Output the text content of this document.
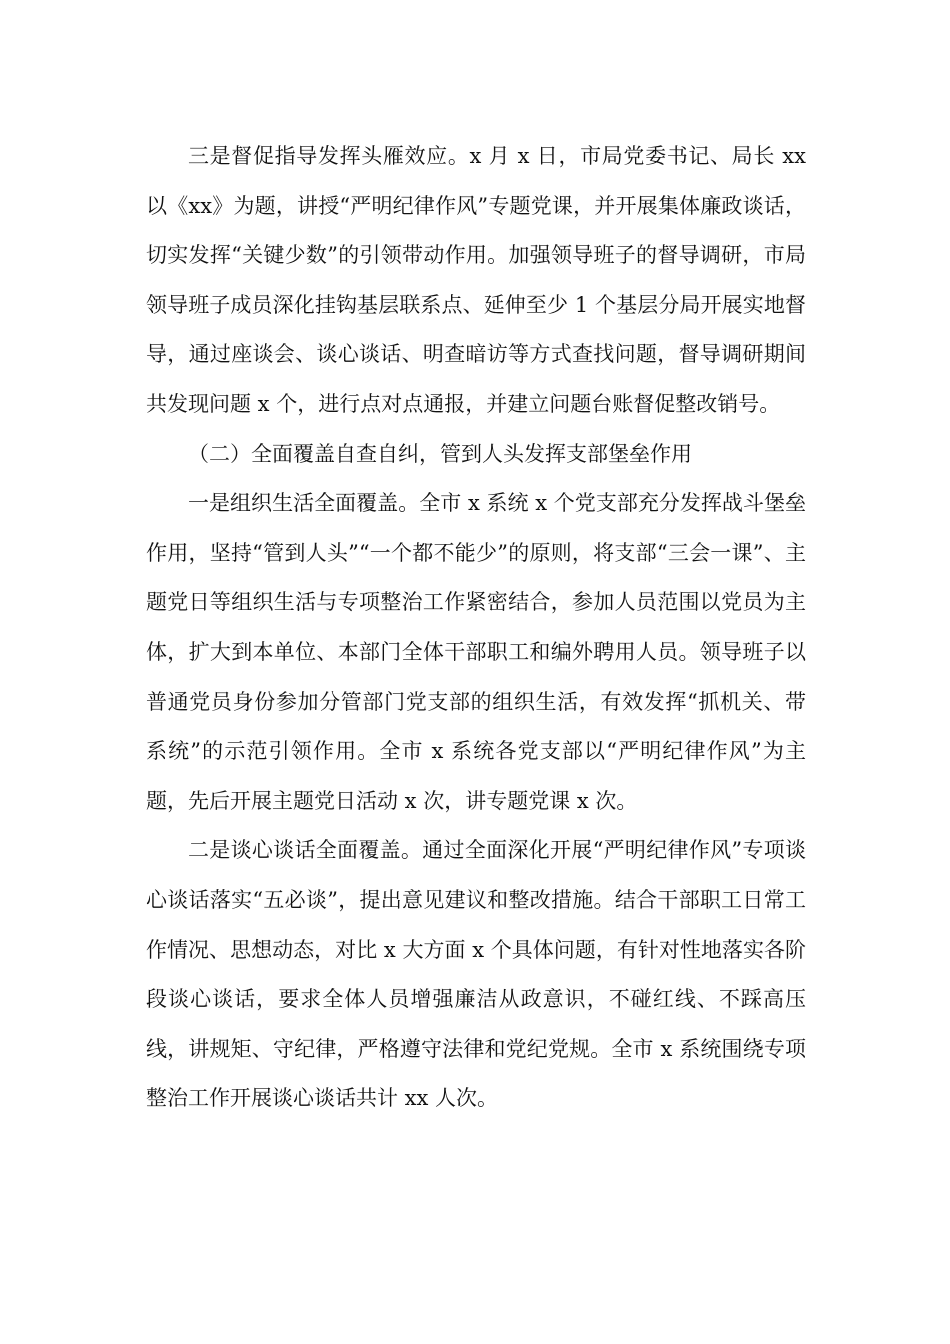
三是督促指导发挥头雁效应。x 月 x 日，市局党委书记、局长 xx 以《xx》为题，讲授“严明纪律作风”专题党课，并开展集体廉政谈话，切实发挥“关键少数”的引领带动作用。加强领导班子的督导调研，市局领导班子成员深化挂钩基层联系点、延伸至少 1 个基层分局开展实地督导，通过座谈会、谈心谈话、明查暗访等方式查找问题，督导调研期间共发现问题 x 个，进行点对点通报，并建立问题台账督促整改销号。

（二）全面覆盖自查自纠，管到人头发挥支部堡垒作用

一是组织生活全面覆盖。全市 x 系统 x 个党支部充分发挥战斗堡垒作用，坚持“管到人头”“一个都不能少”的原则，将支部“三会一课”、主题党日等组织生活与专项整治工作紧密结合，参加人员范围以党员为主体，扩大到本单位、本部门全体干部职工和编外聘用人员。领导班子以普通党员身份参加分管部门党支部的组织生活，有效发挥“抓机关、带系统”的示范引领作用。全市 x 系统各党支部以“严明纪律作风”为主题，先后开展主题党日活动 x 次，讲专题党课 x 次。

二是谈心谈话全面覆盖。通过全面深化开展“严明纪律作风”专项谈心谈话落实“五必谈”，提出意见建议和整改措施。结合干部职工日常工作情况、思想动态，对比 x 大方面 x 个具体问题，有针对性地落实各阶段谈心谈话，要求全体人员增强廉洁从政意识，不碰红线、不踩高压线，讲规矩、守纪律，严格遵守法律和党纪党规。全市 x 系统围绕专项整治工作开展谈心谈话共计 xx 人次。
